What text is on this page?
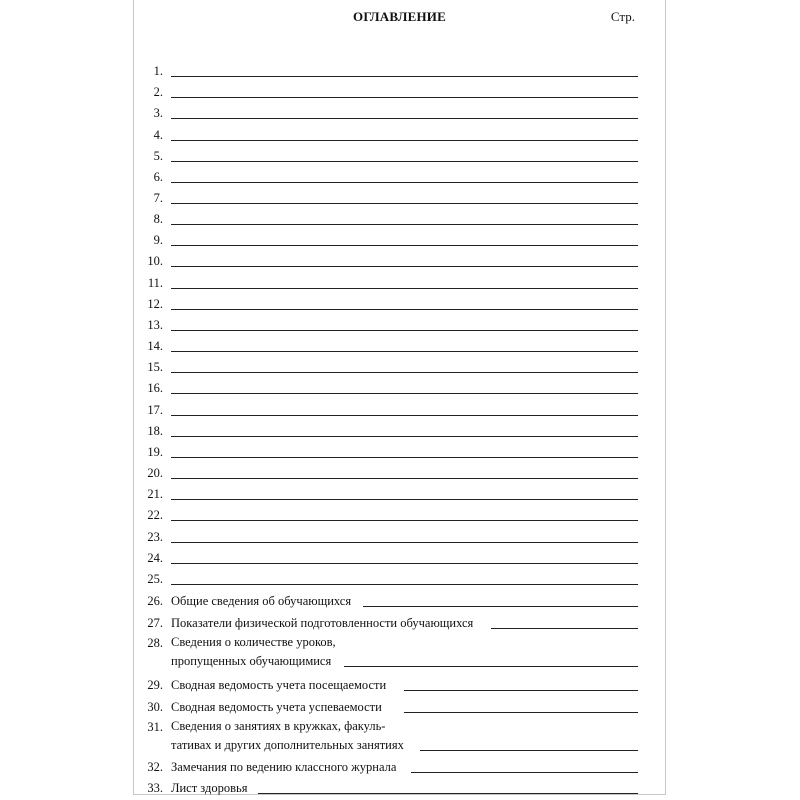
ОГЛАВЛЕНИЕ	Стр.
1.
2.
3.
4.
5.
6.
7.
8.
9.
10.
11.
12.
13.
14.
15.
16.
17.
18.
19.
20.
21.
22.
23.
24.
25.
26. Общие сведения об обучающихся
27. Показатели физической подготовленности обучающихся
28. Сведения о количестве уроков,
пропущенных обучающимися
29. Сводная ведомость учета посещаемости
30. Сводная ведомость учета успеваемости
31. Сведения о занятиях в кружках, факуль-
тативах и других дополнительных занятиях
32. Замечания по ведению классного журнала
33. Лист здоровья
